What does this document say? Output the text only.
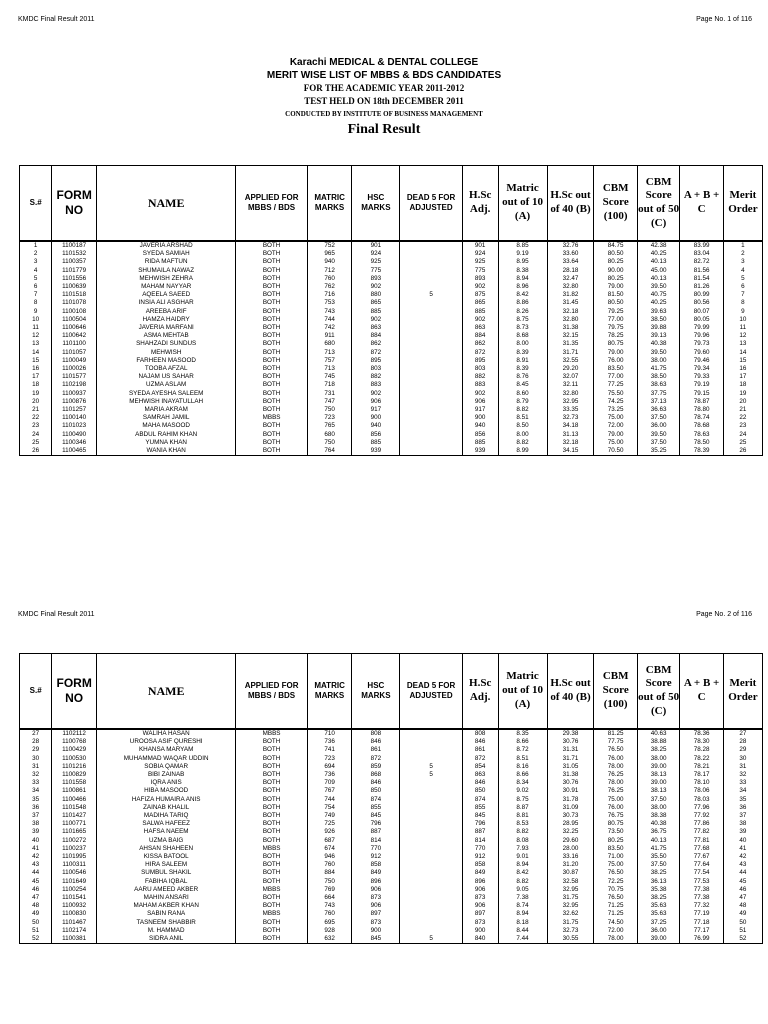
KMDC Final Result 2011	Page No. 1 of 116
Karachi MEDICAL & DENTAL COLLEGE
MERIT WISE LIST OF MBBS & BDS CANDIDATES
FOR THE ACADEMIC YEAR 2011-2012
TEST HELD ON 18th DECEMBER 2011
CONDUCTED BY INSTITUTE OF BUSINESS MANAGEMENT
Final Result
S.#	FORM NO	NAME	APPLIED FOR MBBS / BDS	MATRIC MARKS	HSC MARKS	DEAD 5 FOR ADJUSTED	H.Sc Adj.	Matric out of 10 (A)	H.Sc out of 40 (B)	CBM Score (100)	CBM Score out of 50 (C)	A + B + C	Merit Order
1	1100187	JAVERIA ARSHAD	BOTH	752	901		901	8.85	32.76	84.75	42.38	83.99	1
2	1101532	SYEDA SAMIAH	BOTH	965	924		924	9.19	33.60	80.50	40.25	83.04	2
3	1100357	RIDA MAFTUN	BOTH	940	925		925	8.95	33.64	80.25	40.13	82.72	3
4	1101779	SHUMAILA NAWAZ	BOTH	712	775		775	8.38	28.18	90.00	45.00	81.56	4
5	1101556	MEHWISH ZEHRA	BOTH	760	893		893	8.94	32.47	80.25	40.13	81.54	5
6	1100639	MAHAM NAYYAR	BOTH	762	902		902	8.96	32.80	79.00	39.50	81.26	6
7	1101518	AQEELA SAEED	BOTH	716	880	5	875	8.42	31.82	81.50	40.75	80.99	7
8	1101078	INSIA ALI ASGHAR	BOTH	753	865		865	8.86	31.45	80.50	40.25	80.56	8
9	1100108	AREEBA ARIF	BOTH	743	885		885	8.26	32.18	79.25	39.63	80.07	9
10	1100504	HAMZA HAIDRY	BOTH	744	902		902	8.75	32.80	77.00	38.50	80.05	10
11	1100646	JAVERIA MARFANI	BOTH	742	863		863	8.73	31.38	79.75	39.88	79.99	11
12	1100642	ASMA MEHTAB	BOTH	911	884		884	8.68	32.15	78.25	39.13	79.96	12
13	1101100	SHAHZADI SUNDUS	BOTH	680	862		862	8.00	31.35	80.75	40.38	79.73	13
14	1101057	MEHWISH	BOTH	713	872		872	8.39	31.71	79.00	39.50	79.60	14
15	1100049	FARHEEN MASOOD	BOTH	757	895		895	8.91	32.55	76.00	38.00	79.46	15
16	1100026	TOOBA AFZAL	BOTH	713	803		803	8.39	29.20	83.50	41.75	79.34	16
17	1101577	NAJAM US SAHAR	BOTH	745	882		882	8.76	32.07	77.00	38.50	79.33	17
18	1102198	UZMA ASLAM	BOTH	718	883		883	8.45	32.11	77.25	38.63	79.19	18
19	1100937	SYEDA AYESHA SALEEM	BOTH	731	902		902	8.60	32.80	75.50	37.75	79.15	19
20	1100876	MEHWISH INAYATULLAH	BOTH	747	906		906	8.79	32.95	74.25	37.13	78.87	20
21	1101257	MARIA AKRAM	BOTH	750	917		917	8.82	33.35	73.25	36.63	78.80	21
22	1100140	SAMRAH JAMIL	MBBS	723	900		900	8.51	32.73	75.00	37.50	78.74	22
23	1101023	MAHA MASOOD	BOTH	765	940		940	8.50	34.18	72.00	36.00	78.68	23
24	1100490	ABDUL RAHIM KHAN	BOTH	680	856		856	8.00	31.13	79.00	39.50	78.63	24
25	1100346	YUMNA KHAN	BOTH	750	885		885	8.82	32.18	75.00	37.50	78.50	25
26	1100465	WANIA KHAN	BOTH	764	939		939	8.99	34.15	70.50	35.25	78.39	26
KMDC Final Result 2011	Page No. 2 of 116
S.#	FORM NO	NAME	APPLIED FOR MBBS / BDS	MATRIC MARKS	HSC MARKS	DEAD 5 FOR ADJUSTED	H.Sc Adj.	Matric out of 10 (A)	H.Sc out of 40 (B)	CBM Score (100)	CBM Score out of 50 (C)	A + B + C	Merit Order
27	1102112	WALIHA HASAN	MBBS	710	808		808	8.35	29.38	81.25	40.63	78.36	27
28	1100768	UROOSA ASIF QURESHI	BOTH	736	846		846	8.66	30.76	77.75	38.88	78.30	28
29	1100429	KHANSA MARYAM	BOTH	741	861		861	8.72	31.31	76.50	38.25	78.28	29
30	1100530	MUHAMMAD WAQAR UDDIN	BOTH	723	872		872	8.51	31.71	76.00	38.00	78.22	30
31	1101216	SOBIA QAMAR	BOTH	694	859	5	854	8.16	31.05	78.00	39.00	78.21	31
32	1100829	BIBI ZAINAB	BOTH	736	868	5	863	8.66	31.38	76.25	38.13	78.17	32
33	1101558	IQRA ANIS	BOTH	709	846		846	8.34	30.76	78.00	39.00	78.10	33
34	1100861	HIBA MASOOD	BOTH	767	850		850	9.02	30.91	76.25	38.13	78.06	34
35	1100466	HAFIZA HUMAIRA ANIS	BOTH	744	874		874	8.75	31.78	75.00	37.50	78.03	35
36	1101548	ZAINAB KHALIL	BOTH	754	855		855	8.87	31.09	76.00	38.00	77.96	36
37	1101427	MADIHA TARIQ	BOTH	749	845		845	8.81	30.73	76.75	38.38	77.92	37
38	1100771	SALWA HAFEEZ	BOTH	725	796		796	8.53	28.95	80.75	40.38	77.86	38
39	1101665	HAFSA NAEEM	BOTH	926	887		887	8.82	32.25	73.50	36.75	77.82	39
40	1100272	UZMA BAIG	BOTH	687	814		814	8.08	29.60	80.25	40.13	77.81	40
41	1100237	AHSAN SHAHEEN	MBBS	674	770		770	7.93	28.00	83.50	41.75	77.68	41
42	1101995	KISSA BATOOL	BOTH	946	912		912	9.01	33.16	71.00	35.50	77.67	42
43	1100311	HIRA SALEEM	BOTH	760	858		858	8.94	31.20	75.00	37.50	77.64	43
44	1100546	SUMBUL SHAKIL	BOTH	884	849		849	8.42	30.87	76.50	38.25	77.54	44
45	1101649	FABIHA IQBAL	BOTH	750	896		896	8.82	32.58	72.25	36.13	77.53	45
46	1100254	AARU AMEED AKBER	MBBS	769	906		906	9.05	32.95	70.75	35.38	77.38	46
47	1101541	MAHIN ANSARI	BOTH	664	873		873	7.38	31.75	76.50	38.25	77.38	47
48	1100932	MAHAM AKBER KHAN	BOTH	743	906		906	8.74	32.95	71.25	35.63	77.32	48
49	1100830	SABIN RANA	MBBS	760	897		897	8.94	32.62	71.25	35.63	77.19	49
50	1101467	TASNEEM SHABBIR	BOTH	695	873		873	8.18	31.75	74.50	37.25	77.18	50
51	1102174	M. HAMMAD	BOTH	928	900		900	8.44	32.73	72.00	36.00	77.17	51
52	1100381	SIDRA ANIL	BOTH	632	845	5	840	7.44	30.55	78.00	39.00	76.99	52
